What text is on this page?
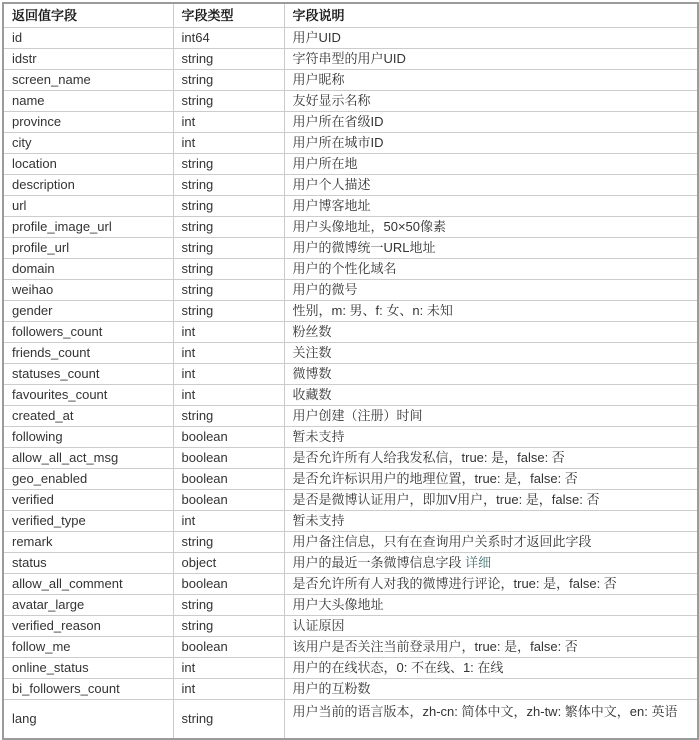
返回值字段	字段类型	字段说明
id	int64	用户UID
idstr	string	字符串型的用户UID
screen_name	string	用户昵称
name	string	友好显示名称
province	int	用户所在省级ID
city	int	用户所在城市ID
location	string	用户所在地
description	string	用户个人描述
url	string	用户博客地址
profile_image_url	string	用户头像地址，50×50像素
profile_url	string	用户的微博统一URL地址
domain	string	用户的个性化域名
weihao	string	用户的微号
gender	string	性别，m: 男、f: 女、n: 未知
followers_count	int	粉丝数
friends_count	int	关注数
statuses_count	int	微博数
favourites_count	int	收藏数
created_at	string	用户创建（注册）时间
following	boolean	暂未支持
allow_all_act_msg	boolean	是否允许所有人给我发私信，true: 是，false: 否
geo_enabled	boolean	是否允许标识用户的地理位置，true: 是，false: 否
verified	boolean	是否是微博认证用户，即加V用户，true: 是，false: 否
verified_type	int	暂未支持
remark	string	用户备注信息，只有在查询用户关系时才返回此字段
status	object	用户的最近一条微博信息字段 详细
allow_all_comment	boolean	是否允许所有人对我的微博进行评论，true: 是，false: 否
avatar_large	string	用户大头像地址
verified_reason	string	认证原因
follow_me	boolean	该用户是否关注当前登录用户，true: 是，false: 否
online_status	int	用户的在线状态，0: 不在线、1: 在线
bi_followers_count	int	用户的互粉数
lang	string	用户当前的语言版本，zh-cn: 简体中文，zh-tw: 繁体中文，en: 英语
